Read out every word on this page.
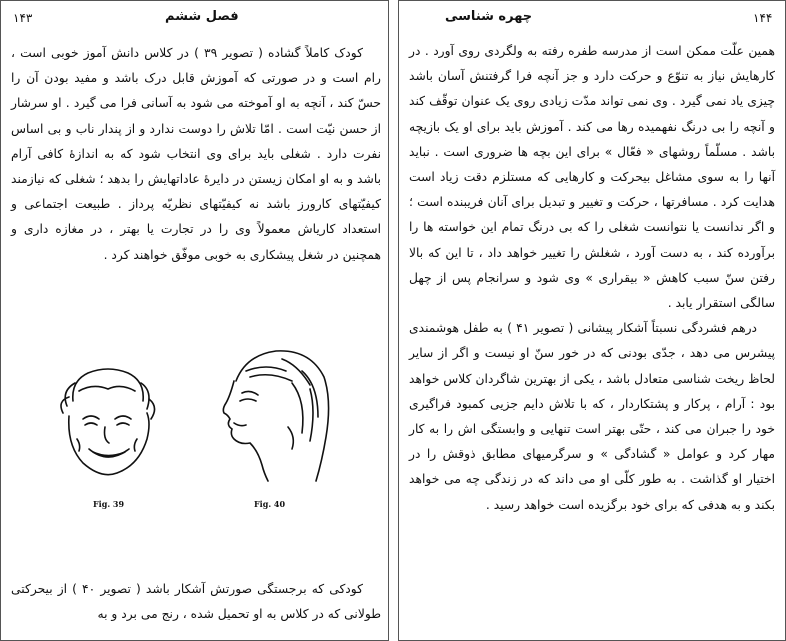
۱۴۳	فصل ششم

کودک کاملاً گشاده ( تصویر ۳۹ ) در کلاس دانش آموز خوبی است ، رام است و در صورتی که آموزش قابل درک باشد و مفید بودن آن را حسّ کند ، آنچه به او آموخته می شود به آسانی فرا می گیرد . او سرشار از حسن نیّت است . امّا تلاش را دوست ندارد و از پندار ناب و بی اساس نفرت دارد . شغلی باید برای وی انتخاب شود که به اندازهٔ کافی آرام باشد و به او امکان زیستن در دایرهٔ عاداتهایش را بدهد ؛ شغلی که نیازمند کیفیّتهای کارورز باشد نه کیفیّتهای نظریّه پرداز . طبیعت اجتماعی و استعداد کاریاش معمولاً وی را در تجارت یا بهتر ، در مغازه داری و همچنین در شغل پیشکاری به خوبی موفّق خواهند کرد .

Fig. 39	Fig. 40

کودکی که برجستگی صورتش آشکار باشد ( تصویر ۴۰ ) از بیحرکتی طولانی که در کلاس به او تحمیل شده ، رنج می برد و به

۱۴۴
چهره شناسی

همین علّت ممکن است از مدرسه طفره رفته به ولگردی روی آورد . در کارهایش نیاز به تنوّع و حرکت دارد و جز آنچه فرا گرفتنش آسان باشد چیزی یاد نمی گیرد . وی نمی تواند مدّت زیادی روی یک عنوان توقّف کند و آنچه را بی درنگ نفهمیده رها می کند . آموزش باید برای او یک بازیچه باشد . مسلّماً روشهای « فعّال » برای این بچه ها ضروری است . نباید آنها را به سوی مشاغل بیحرکت و کارهایی که مستلزم دقت زیاد است هدایت کرد . مسافرتها ، حرکت و تغییر و تبدیل برای آنان فریبنده است ؛ و اگر ندانست یا نتوانست شغلی را که بی درنگ تمام این خواسته ها را برآورده کند ، به دست آورد ، شغلش را تغییر خواهد داد ، تا این که بالا رفتن سنّ سبب کاهش « بیقراری » وی شود و سرانجام پس از چهل سالگی استقرار یابد .

درهم فشردگی نسبتاً آشکار پیشانی ( تصویر ۴۱ ) به طفل هوشمندی پیشرس می دهد ، جدّی بودنی که در خور سنّ او نیست و اگر از سایر لحاظ ریخت شناسی متعادل باشد ، یکی از بهترین شاگردان کلاس خواهد بود : آرام ، پرکار و پشتکاردار ، که با تلاش دایم جزیی کمبود فراگیری خود را جبران می کند ، حتّی بهتر است تنهایی و وابستگی اش را به کار مهار کرد و عوامل « گشادگی » و سرگرمیهای مطابق ذوقش را در اختیار او گذاشت . به طور کلّی او می داند که در زندگی چه می خواهد بکند و به هدفی که برای خود برگزیده است خواهد رسید .
